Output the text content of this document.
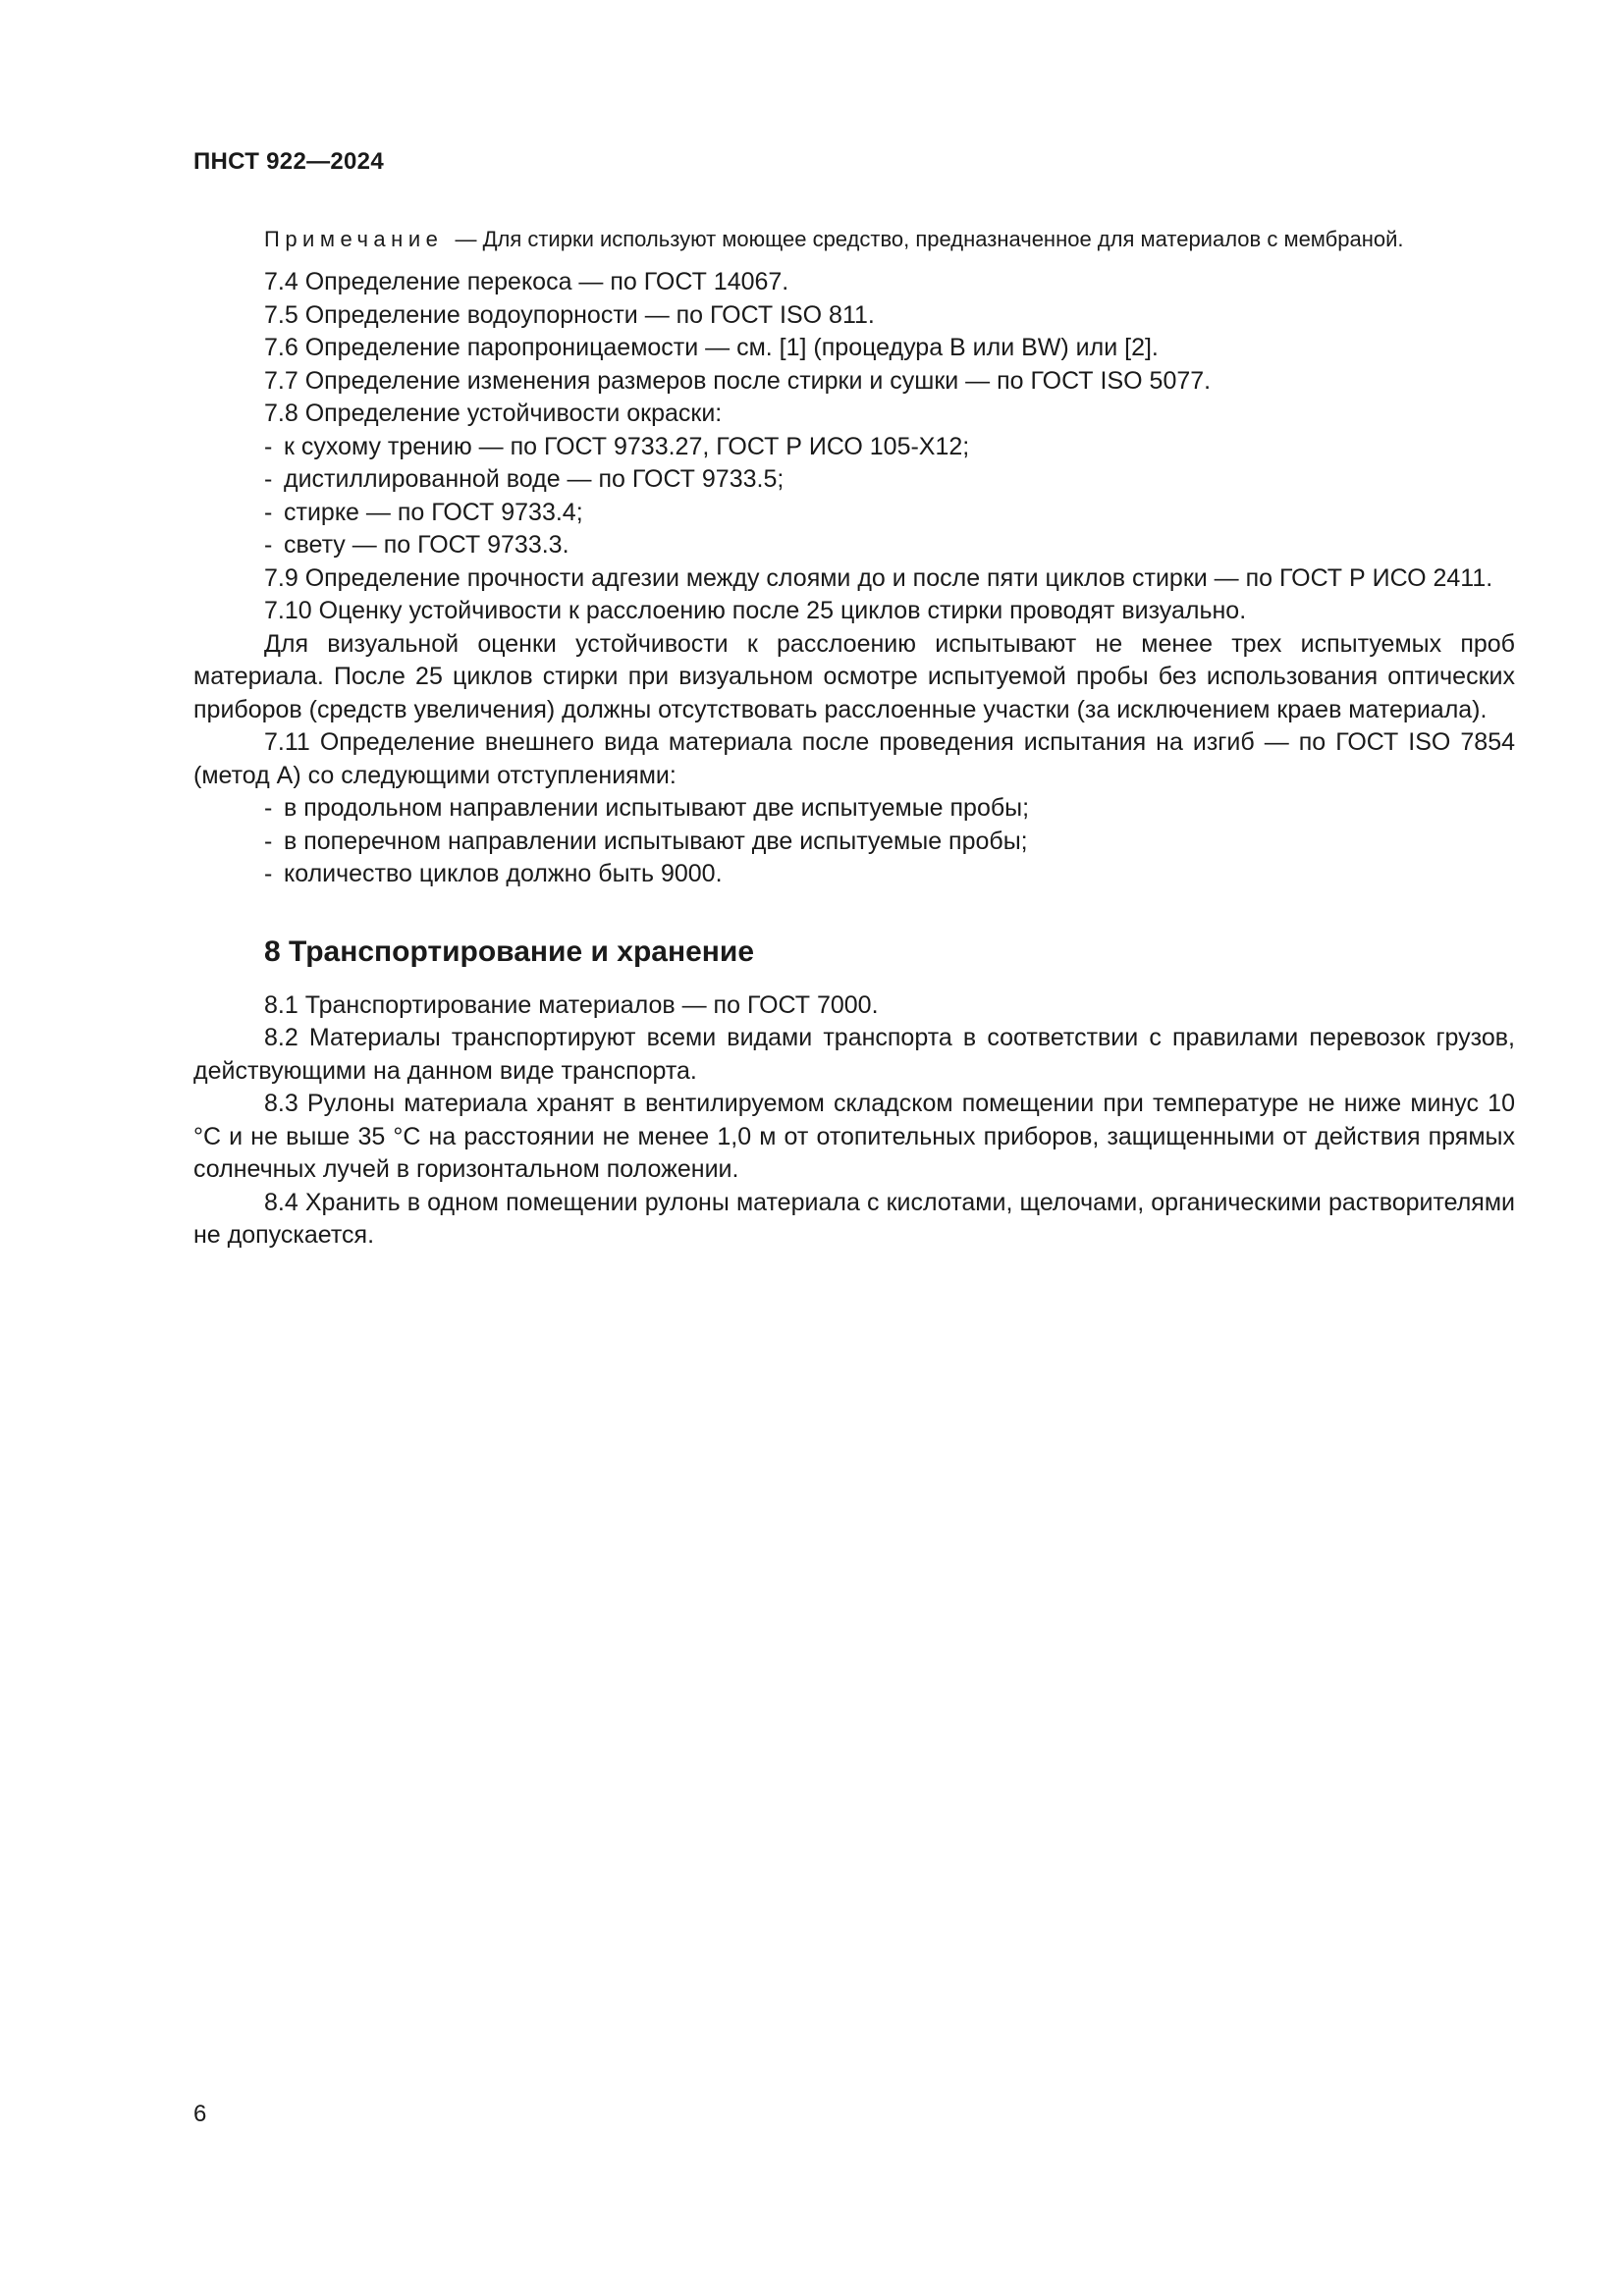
ПНСТ 922—2024

Примечание — Для стирки используют моющее средство, предназначенное для материалов с мембраной.

7.4 Определение перекоса — по ГОСТ 14067.

7.5 Определение водоупорности — по ГОСТ ISO 811.

7.6 Определение паропроницаемости — см. [1] (процедура B или BW) или [2].

7.7 Определение изменения размеров после стирки и сушки — по ГОСТ ISO 5077.

7.8 Определение устойчивости окраски:

- к сухому трению — по ГОСТ 9733.27, ГОСТ Р ИСО 105-X12;

- дистиллированной воде — по ГОСТ 9733.5;

- стирке — по ГОСТ 9733.4;

- свету — по ГОСТ 9733.3.

7.9 Определение прочности адгезии между слоями до и после пяти циклов стирки — по ГОСТ Р ИСО 2411.

7.10 Оценку устойчивости к расслоению после 25 циклов стирки проводят визуально.

Для визуальной оценки устойчивости к расслоению испытывают не менее трех испытуемых проб материала. После 25 циклов стирки при визуальном осмотре испытуемой пробы без использования оптических приборов (средств увеличения) должны отсутствовать расслоенные участки (за исключением краев материала).

7.11 Определение внешнего вида материала после проведения испытания на изгиб — по ГОСТ ISO 7854 (метод А) со следующими отступлениями:

- в продольном направлении испытывают две испытуемые пробы;

- в поперечном направлении испытывают две испытуемые пробы;

- количество циклов должно быть 9000.

8 Транспортирование и хранение

8.1 Транспортирование материалов — по ГОСТ 7000.

8.2 Материалы транспортируют всеми видами транспорта в соответствии с правилами перевозок грузов, действующими на данном виде транспорта.

8.3 Рулоны материала хранят в вентилируемом складском помещении при температуре не ниже минус 10 °С и не выше 35 °С на расстоянии не менее 1,0 м от отопительных приборов, защищенными от действия прямых солнечных лучей в горизонтальном положении.

8.4 Хранить в одном помещении рулоны материала с кислотами, щелочами, органическими растворителями не допускается.

6
